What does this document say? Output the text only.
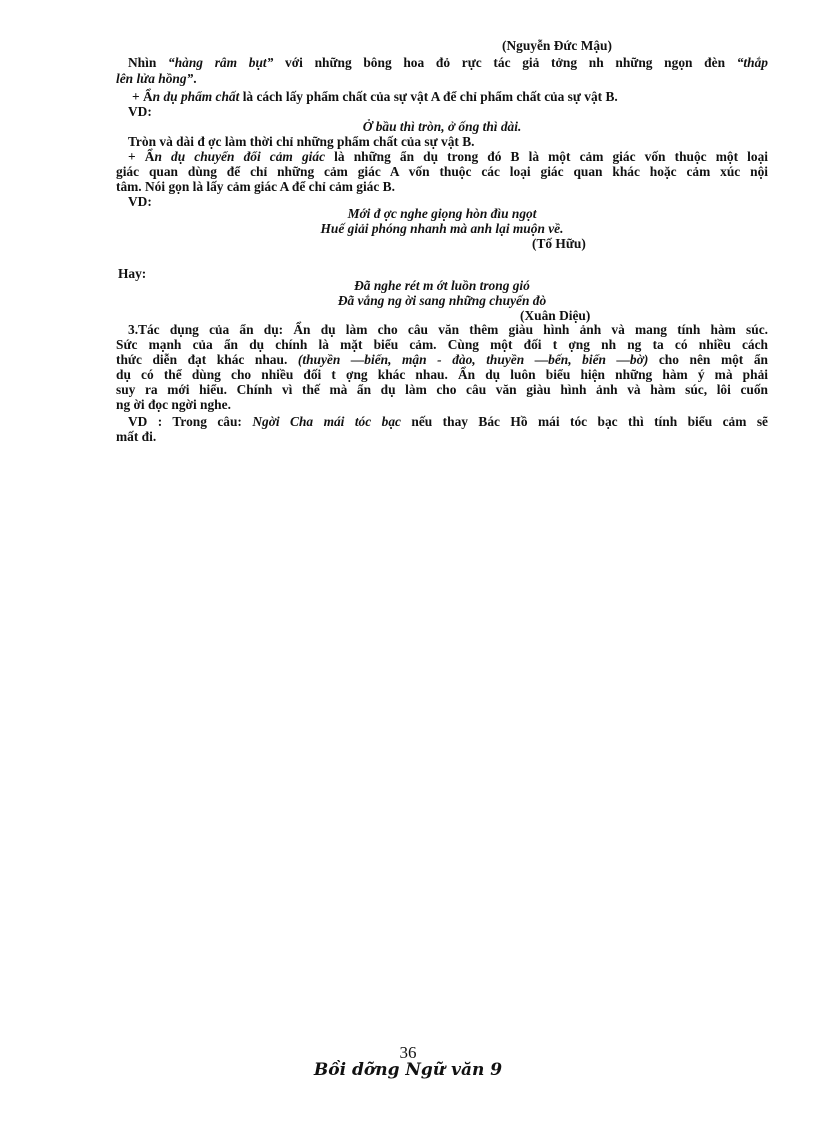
(Nguyễn Đức Mậu)
Nhìn “hàng râm bụt” với những bông hoa đỏ rực tác giả tởng nh những ngọn đèn “thắp
lên lửa hồng”.
+ Ẩn dụ phẩm chất là cách lấy phẩm chất của sự vật A để chỉ phẩm chất của sự vật B.
VD:
Ở bầu thì tròn, ở ống thì dài.
Tròn và dài đ ợc làm thời chỉ những phẩm chất của sự vật B.
+ Ẩn dụ chuyển đổi cảm giác là những ẩn dụ trong đó B là một cảm giác vốn thuộc một loại
giác quan dùng để chỉ những cảm giác A vốn thuộc các loại giác quan khác hoặc cảm xúc nội
tâm. Nói gọn là lấy cảm giác A để chỉ cảm giác B.
VD:
Mới đ ợc nghe giọng hòn đìu ngọt
Huế giải phóng nhanh mà anh lại muộn về.
(Tố Hữu)
Hay:
Đã nghe rét m ớt luồn trong gió
Đã vắng ng ời sang những chuyến đò
(Xuân Diệu)
3.Tác dụng của ẩn dụ: Ẩn dụ làm cho câu văn thêm giàu hình ảnh và mang tính hàm súc.
Sức mạnh của ẩn dụ chính là mặt biểu cảm. Cùng một đối t ợng nh ng ta có nhiều cách
thức diễn đạt khác nhau. (thuyền —biển, mận - đào, thuyền —bến, biển —bờ) cho nên một ẩn
dụ có thể dùng cho nhiều đối t ợng khác nhau. Ẩn dụ luôn biểu hiện những hàm ý mà phải
suy ra mới hiểu. Chính vì thế mà ẩn dụ làm cho câu văn giàu hình ảnh và hàm súc, lôi cuốn
ng ời đọc ngời nghe.
VD : Trong câu: Ngời Cha mái tóc bạc nếu thay Bác Hồ mái tóc bạc thì tính biểu cảm sẽ
mất đi.
36
Bồi dỡng Ngữ văn 9
